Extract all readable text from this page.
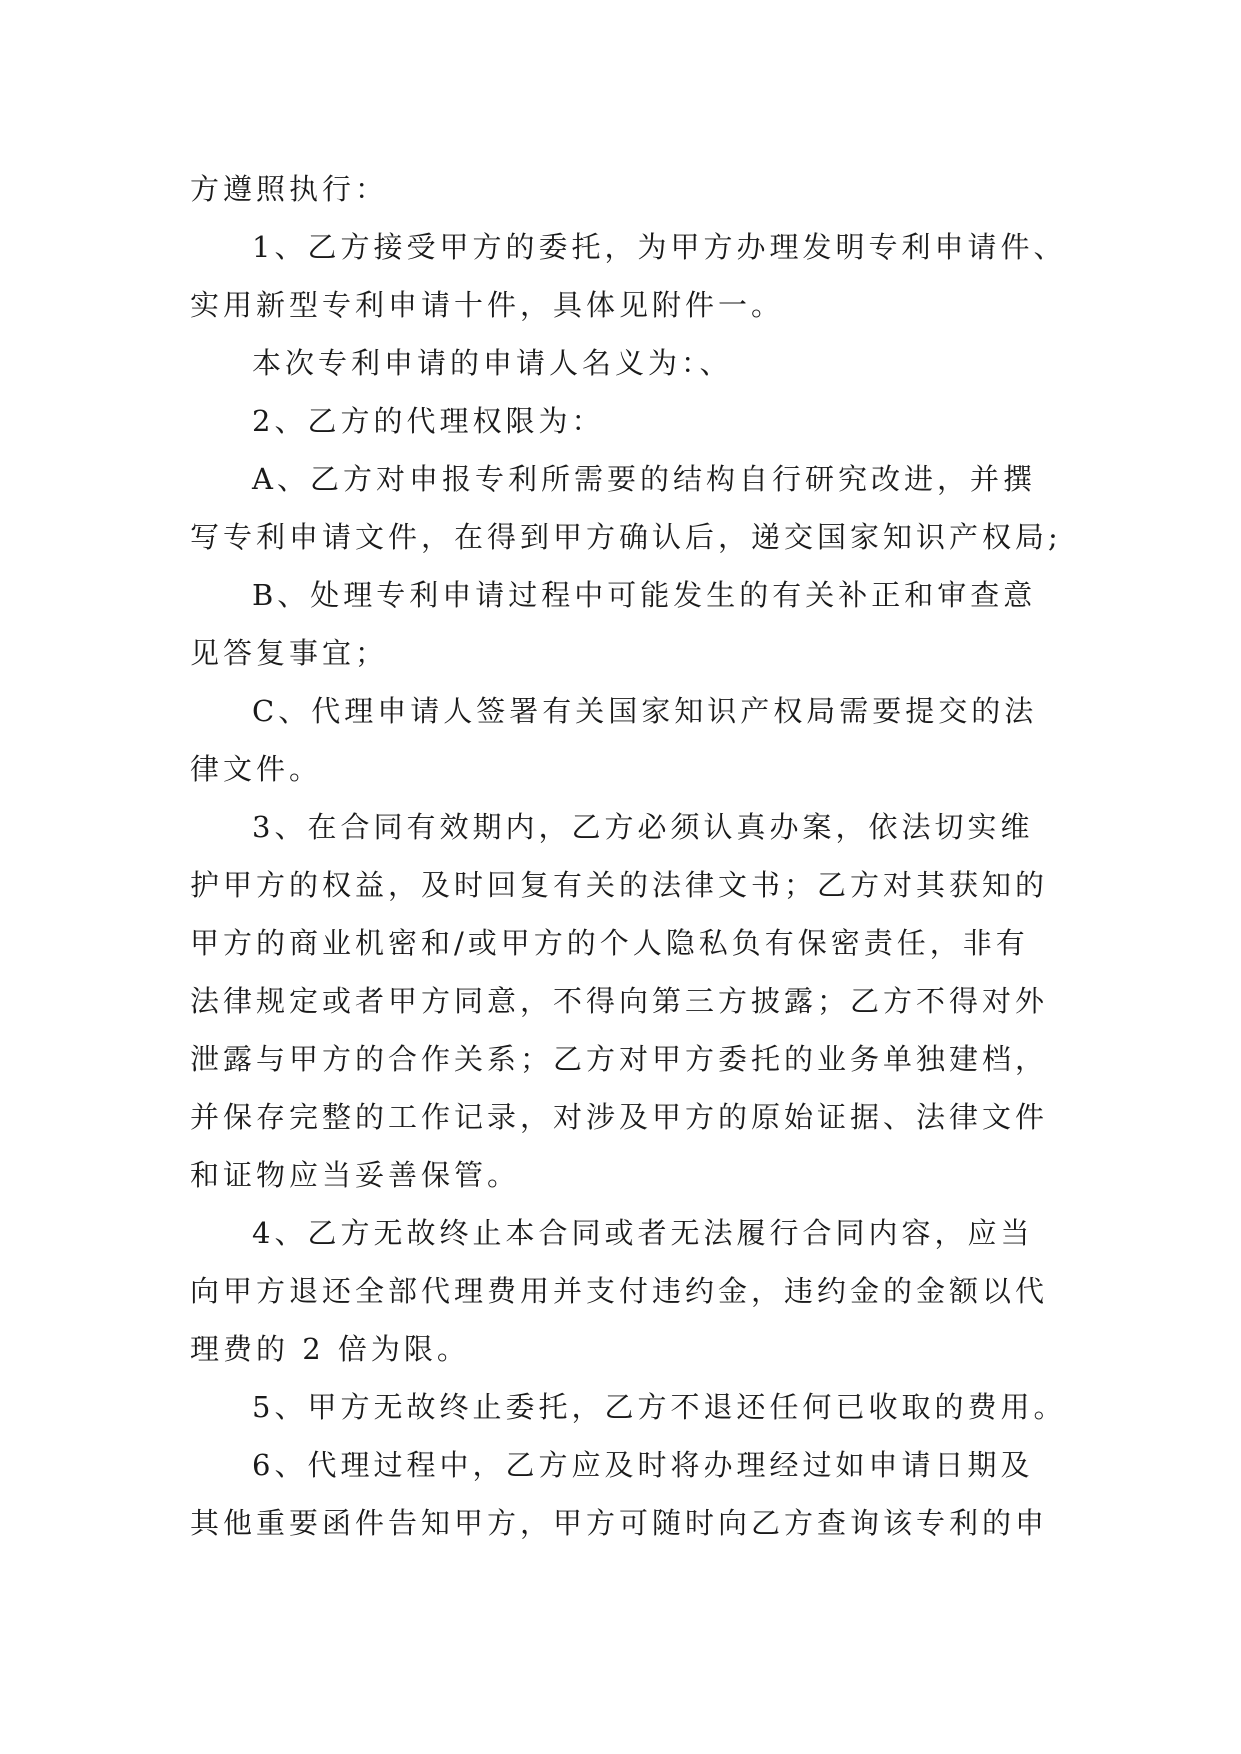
方遵照执行：
1、乙方接受甲方的委托，为甲方办理发明专利申请件、
实用新型专利申请十件，具体见附件一。
本次专利申请的申请人名义为：、
2、乙方的代理权限为：
A、乙方对申报专利所需要的结构自行研究改进，并撰
写专利申请文件，在得到甲方确认后，递交国家知识产权局;
B、处理专利申请过程中可能发生的有关补正和审查意
见答复事宜；
C、代理申请人签署有关国家知识产权局需要提交的法
律文件。
3、在合同有效期内，乙方必须认真办案，依法切实维
护甲方的权益，及时回复有关的法律文书；乙方对其获知的
甲方的商业机密和/或甲方的个人隐私负有保密责任，非有
法律规定或者甲方同意，不得向第三方披露；乙方不得对外
泄露与甲方的合作关系；乙方对甲方委托的业务单独建档，
并保存完整的工作记录，对涉及甲方的原始证据、法律文件
和证物应当妥善保管。
4、乙方无故终止本合同或者无法履行合同内容，应当
向甲方退还全部代理费用并支付违约金，违约金的金额以代
理费的 2 倍为限。
5、甲方无故终止委托，乙方不退还任何已收取的费用。
6、代理过程中，乙方应及时将办理经过如申请日期及
其他重要函件告知甲方，甲方可随时向乙方查询该专利的申
